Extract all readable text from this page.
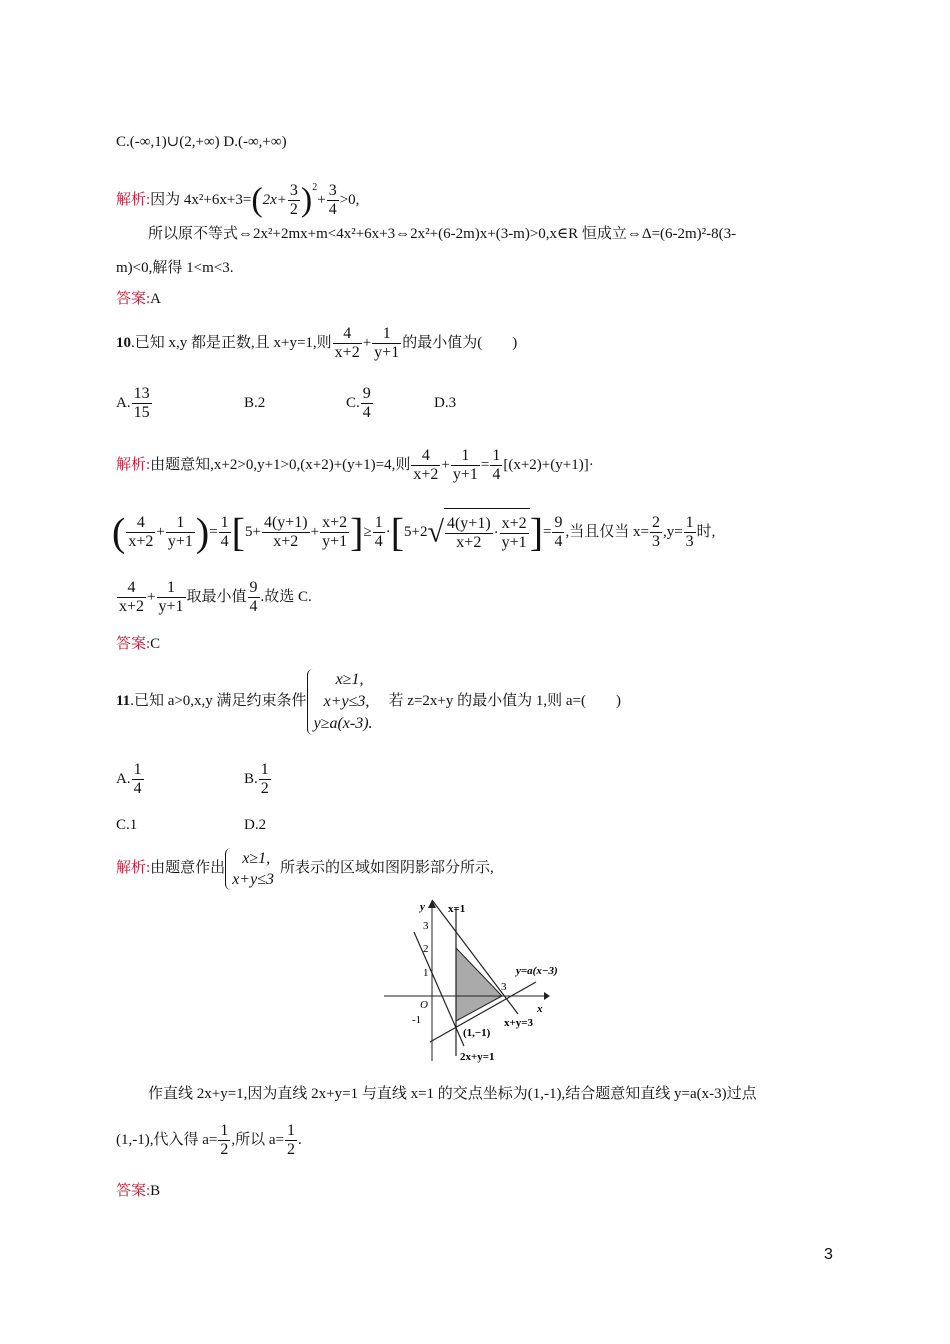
C.(-∞,1)∪(2,+∞) D.(-∞,+∞)
解析:因为 $4x^2+6x+3=(2x+ \frac{3}{2} )^2+ \frac{3}{4} >0$,
所以原不等式⇔2x²+2mx+m<4x²+6x+3⇔2x²+(6-2m)x+(3-m)>0,x∈R 恒成立⇔Δ=(6-2m)²-8(3-
m)<0,解得 1<m<3.
答案:A
10.已知 x,y 都是正数,且 x+y=1,则 $\frac{4}{x+2} + \frac{1}{y+1}$ 的最小值为(　　)
A. $\frac{13}{15}$	B.2	C. $\frac{9}{4}$	D.3
解析:由题意知,x+2>0,y+1>0,(x+2)+(y+1)=4,则 $\frac{4}{x+2} + \frac{1}{y+1} = \frac{1}{4} [(x+2)+(y+1)]\cdot$
( $\frac{4}{x+2} + \frac{1}{y+1}$ )= $\frac{1}{4} [5+ \frac{4(y+1)}{x+2} + \frac{x+2}{y+1}$ ]≥ $\frac{1}{4} \cdot[5+2√ \frac{4(y+1)}{x+2} \cdot \frac{x+2}{y+1}$ ]= $\frac{9}{4}$ ,当且仅当 $x= \frac{2}{3} ,y= \frac{1}{3}$ 时,
$\frac{4}{x+2} + \frac{1}{y+1}$ 取最小值 $\frac{9}{4}$ .故选 C.
答案:C
11.已知 a>0,x,y 满足约束条件
x≥1,
x+y≤3,
y≥a(x-3).
若 z=2x+y 的最小值为 1,则 a=(　　)
A. $\frac{1}{4}$	B. $\frac{1}{2}$
C.1	D.2
解析:由题意作出
x≥1,
x+y≤3
所表示的区域如图阴影部分所示,
y
x
O
3
2
1
-1
3
x=1
y=a(x−3)
(1,−1)
x+y=3
2x+y=1
作直线 2x+y=1,因为直线 2x+y=1 与直线 x=1 的交点坐标为(1,-1),结合题意知直线 y=a(x-3)过点
(1,-1),代入得 $a= \frac{1}{2}$ ,所以 $a= \frac{1}{2}$ .
答案:B
3
